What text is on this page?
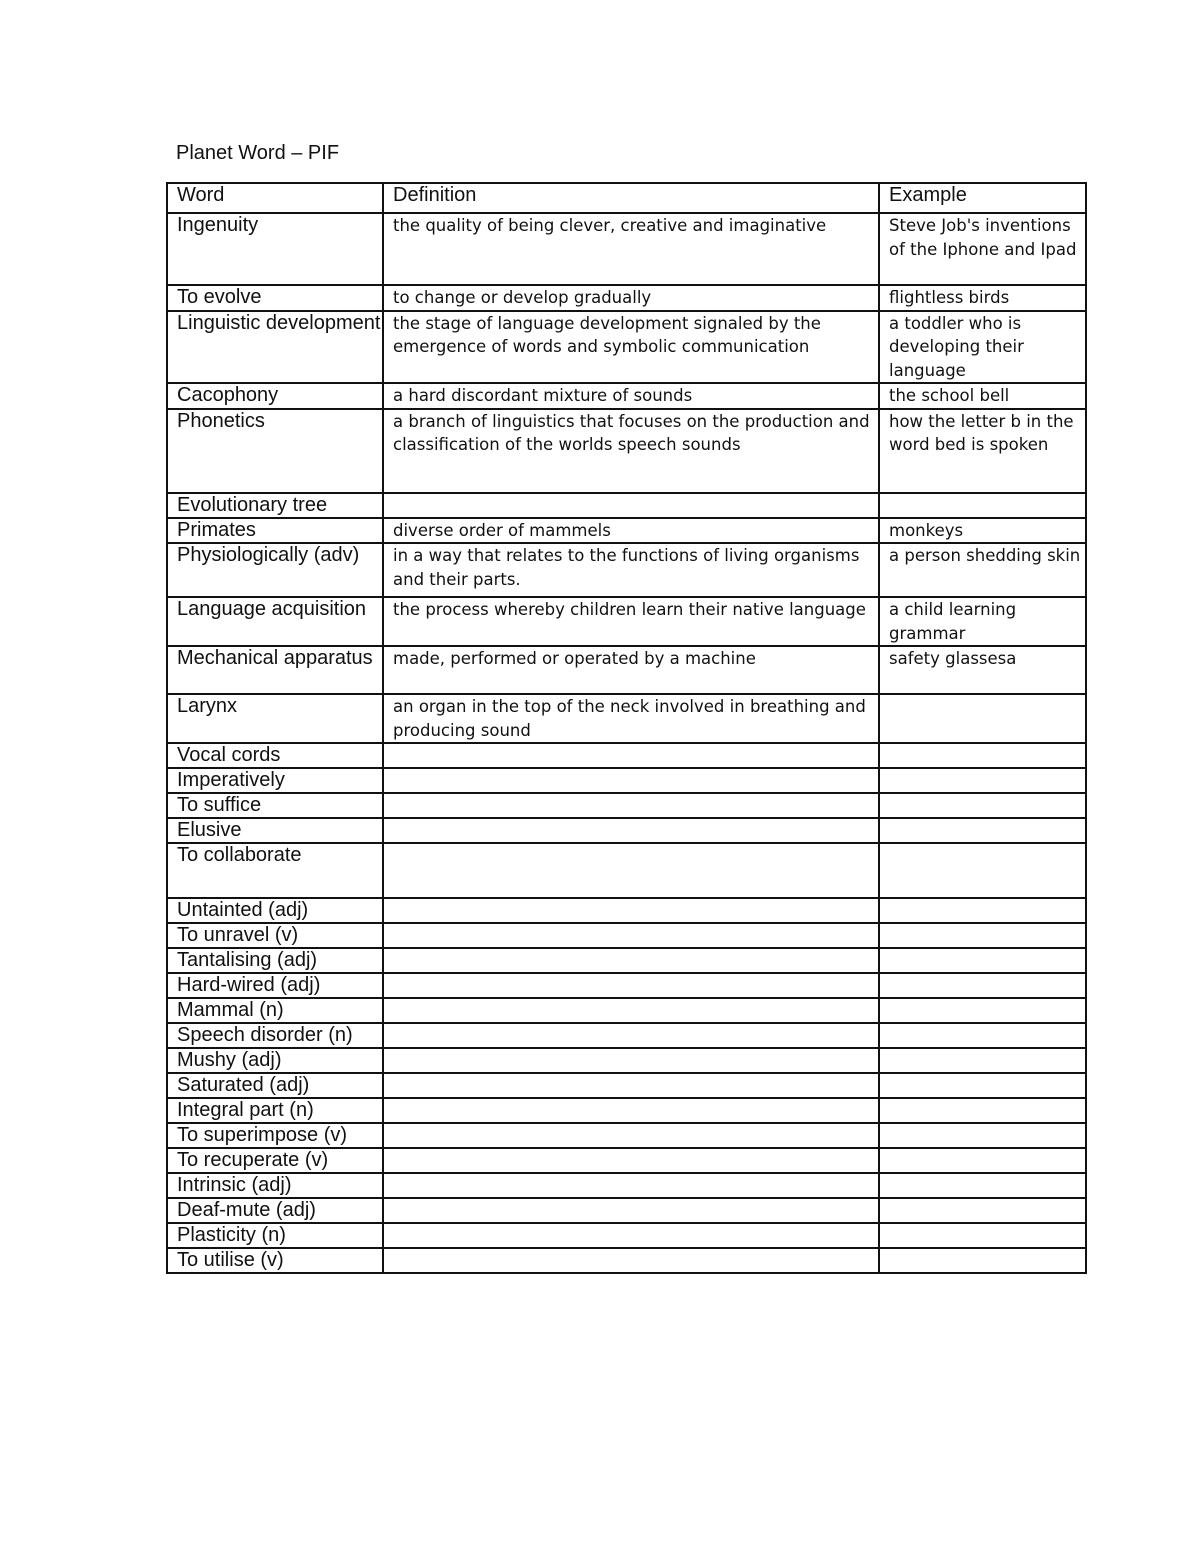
Planet Word – PIF
Word	Definition	Example
Ingenuity	the quality of being clever, creative and imaginative	Steve Job's inventions of the Iphone and Ipad
To evolve	to change or develop gradually	flightless birds
Linguistic development	the stage of language development signaled by the emergence of words and symbolic communication	a toddler who is developing their language
Cacophony	a hard discordant mixture of sounds	the school bell
Phonetics	a branch of linguistics that focuses on the production and classification of the worlds speech sounds	how the letter b in the word bed is spoken
Evolutionary tree		
Primates	diverse order of mammels	monkeys
Physiologically (adv)	in a way that relates to the functions of living organisms and their parts.	a person shedding skin
Language acquisition	the process whereby children learn their native language	a child learning grammar
Mechanical apparatus	made, performed or operated by a machine	safety glassesa
Larynx	an organ in the top of the neck involved in breathing and producing sound	
Vocal cords		
Imperatively		
To suffice		
Elusive		
To collaborate		
Untainted (adj)		
To unravel (v)		
Tantalising (adj)		
Hard-wired (adj)		
Mammal (n)		
Speech disorder (n)		
Mushy (adj)		
Saturated (adj)		
Integral part (n)		
To superimpose (v)		
To recuperate (v)		
Intrinsic (adj)		
Deaf-mute (adj)		
Plasticity (n)		
To utilise (v)		
